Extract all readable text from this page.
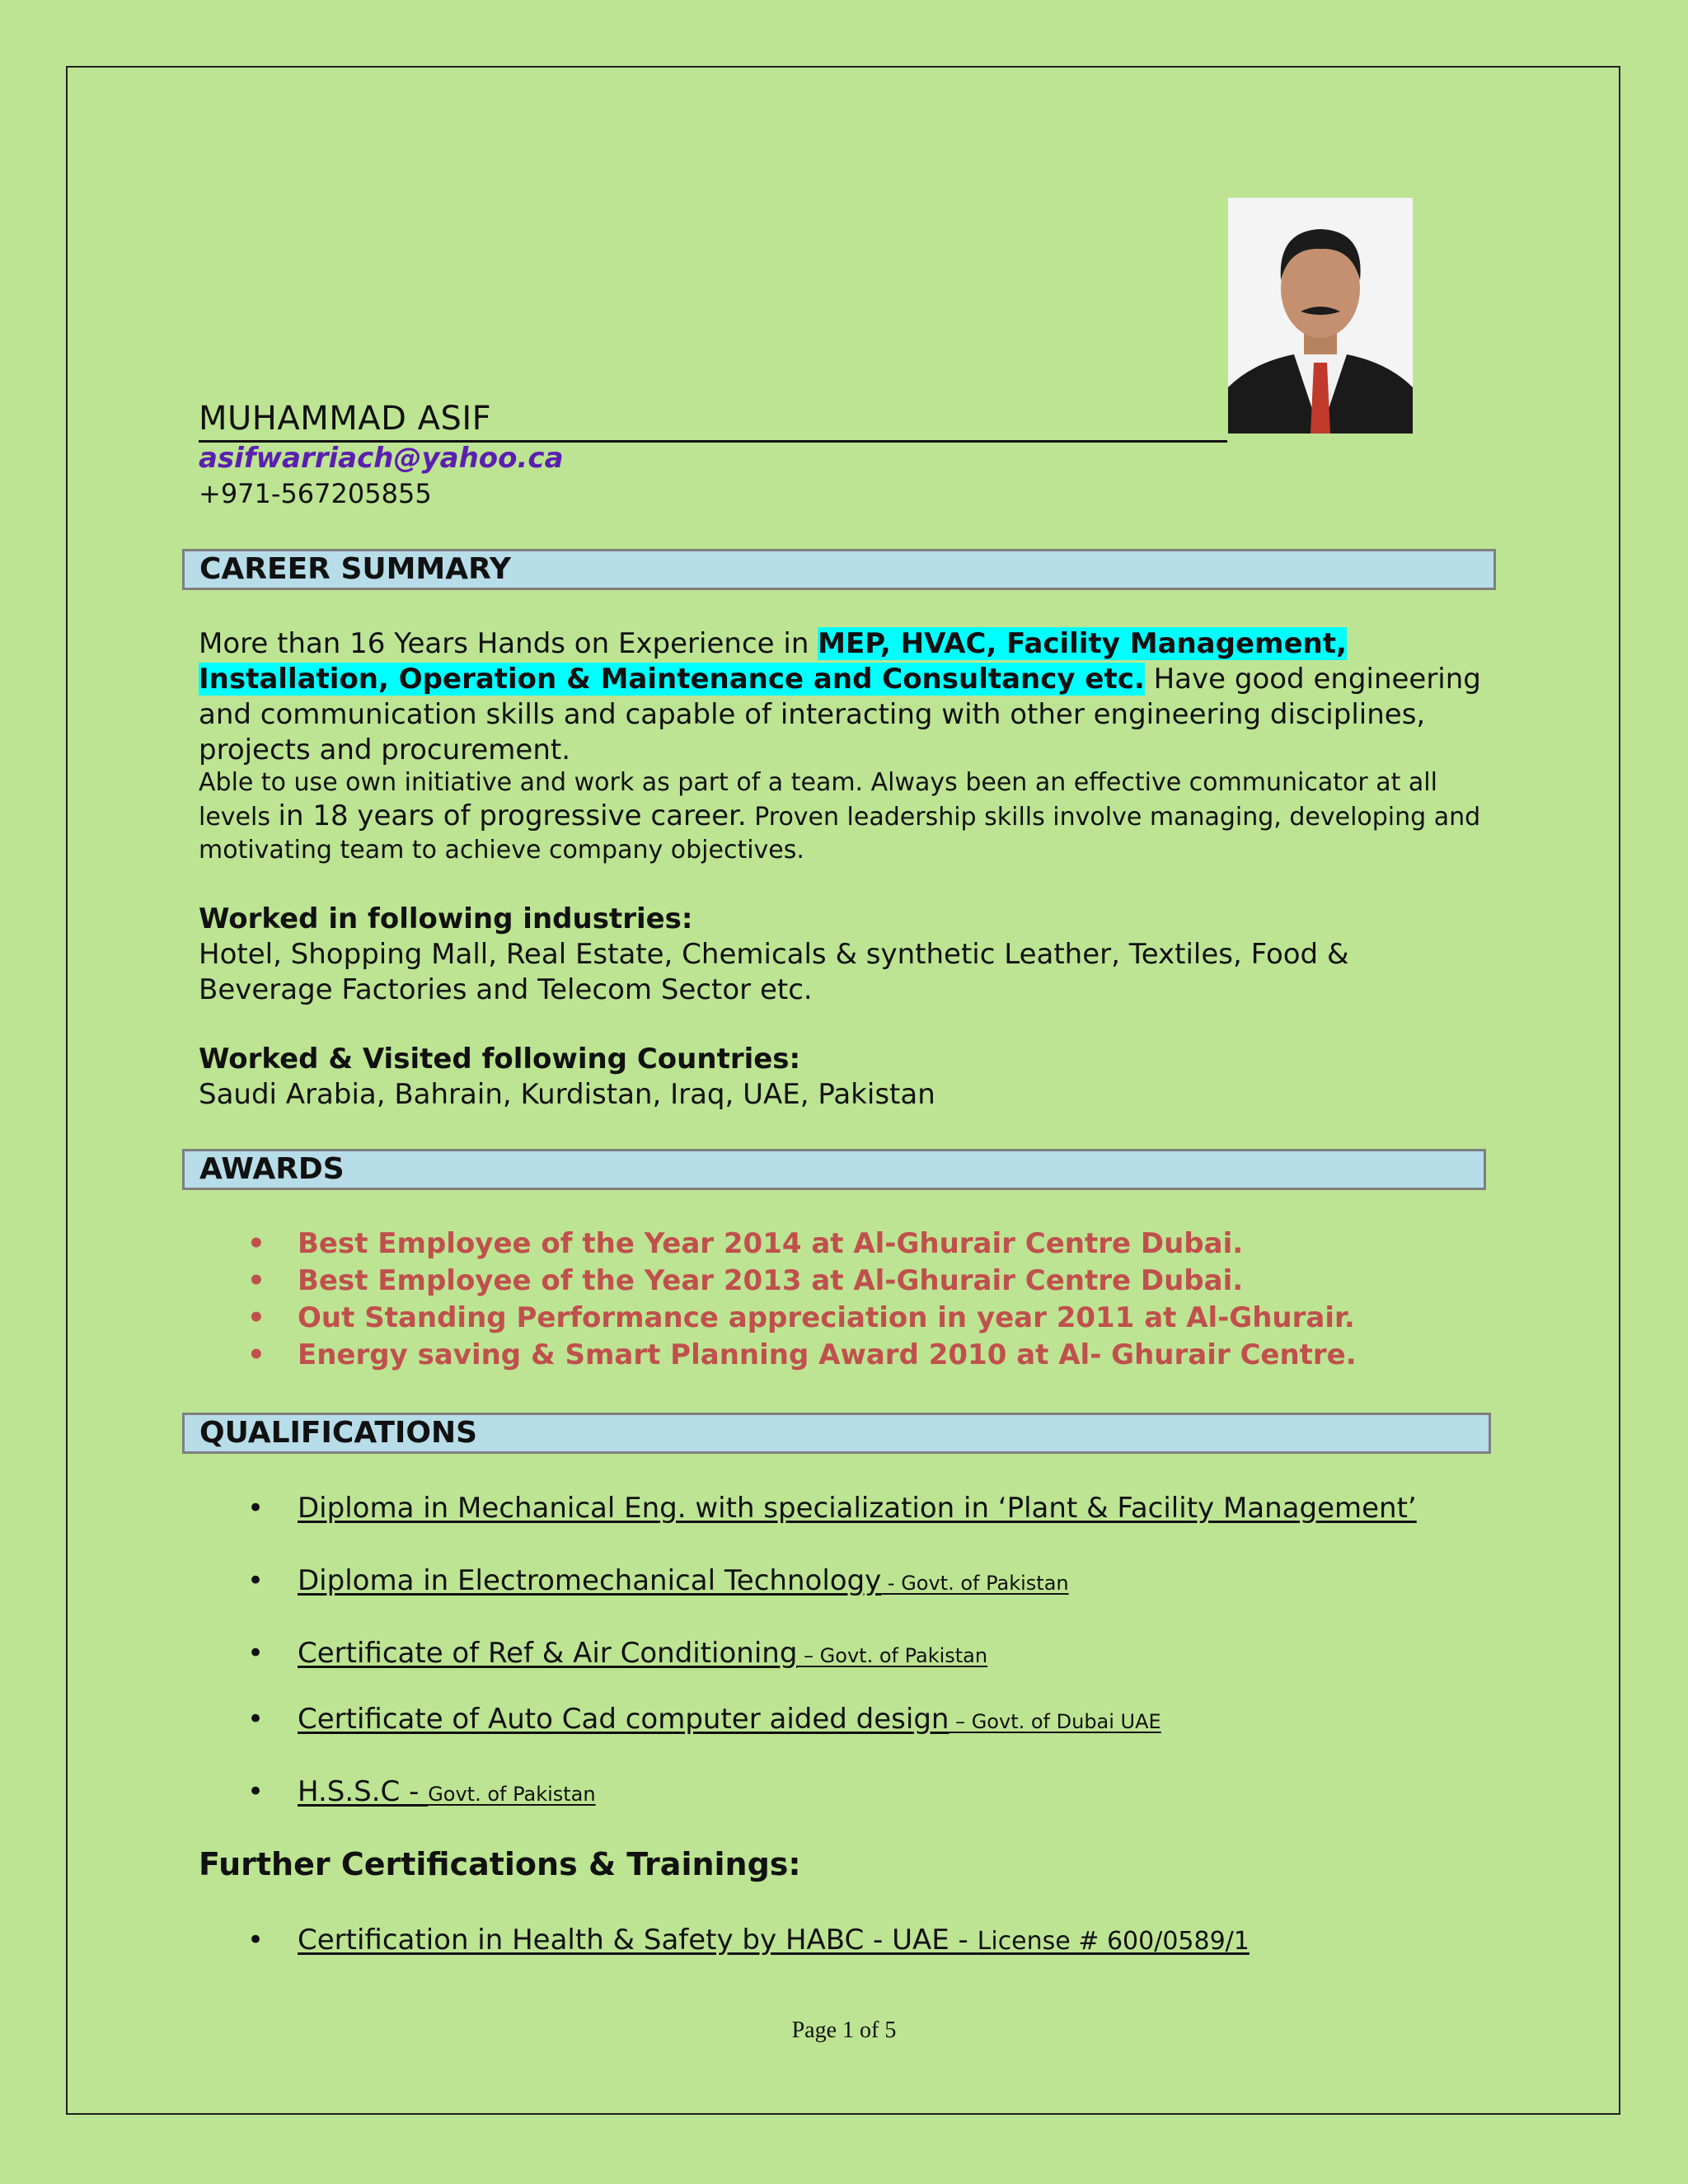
MUHAMMAD ASIF
asifwarriach@yahoo.ca
+971-567205855
CAREER SUMMARY
More than 16 Years Hands on Experience in MEP, HVAC, Facility Management, Installation, Operation & Maintenance and Consultancy etc. Have good engineering and communication skills and capable of interacting with other engineering disciplines, projects and procurement.
Able to use own initiative and work as part of a team. Always been an effective communicator at all levels in 18 years of progressive career. Proven leadership skills involve managing, developing and motivating team to achieve company objectives.
Worked in following industries:
Hotel, Shopping Mall, Real Estate, Chemicals & synthetic Leather, Textiles, Food & Beverage Factories and Telecom Sector etc.
Worked & Visited following Countries:
Saudi Arabia, Bahrain, Kurdistan, Iraq, UAE, Pakistan
AWARDS
• Best Employee of the Year 2014 at Al-Ghurair Centre Dubai.
• Best Employee of the Year 2013 at Al-Ghurair Centre Dubai.
• Out Standing Performance appreciation in year 2011 at Al-Ghurair.
• Energy saving & Smart Planning Award 2010 at Al- Ghurair Centre.
QUALIFICATIONS
• Diploma in Mechanical Eng. with specialization in ‘Plant & Facility Management’
• Diploma in Electromechanical Technology - Govt. of Pakistan
• Certificate of Ref & Air Conditioning – Govt. of Pakistan
• Certificate of Auto Cad computer aided design – Govt. of Dubai UAE
• H.S.S.C - Govt. of Pakistan
Further Certifications & Trainings:
• Certification in Health & Safety by HABC - UAE - License # 600/0589/1
Page 1 of 5
